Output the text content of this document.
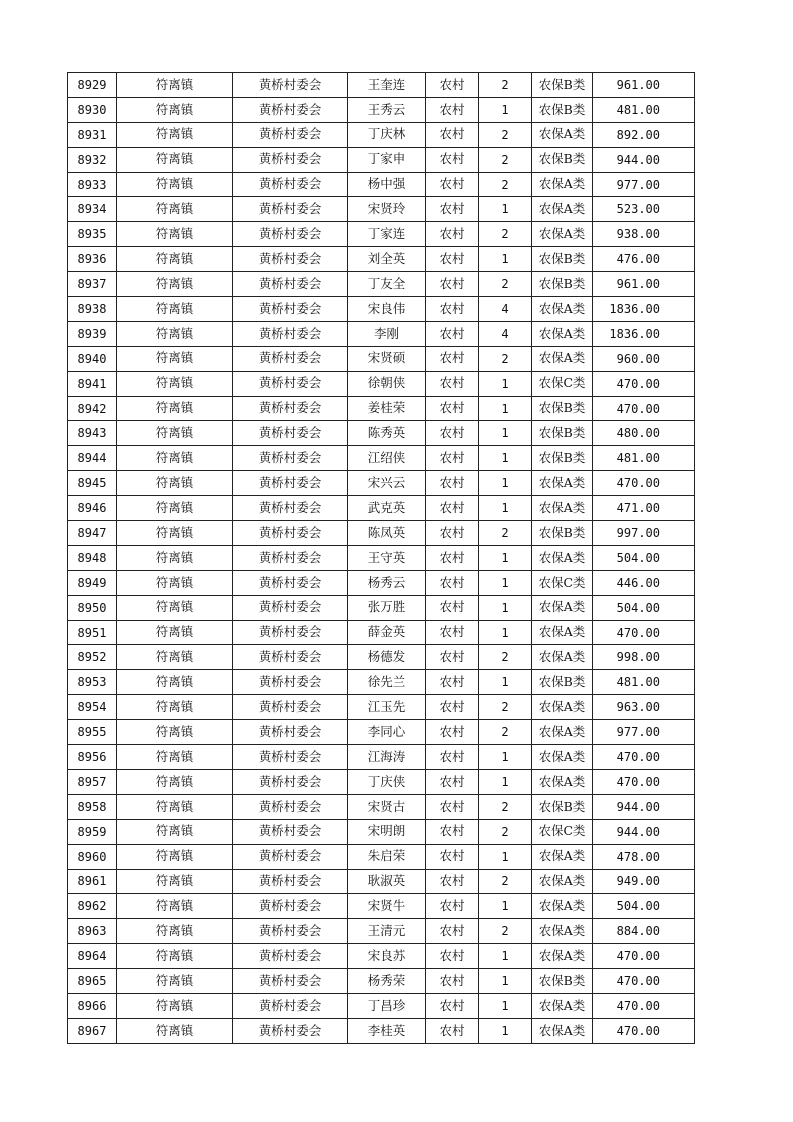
8929	符离镇	黄桥村委会	王奎连	农村	2	农保B类	961.00
8930	符离镇	黄桥村委会	王秀云	农村	1	农保B类	481.00
8931	符离镇	黄桥村委会	丁庆林	农村	2	农保A类	892.00
8932	符离镇	黄桥村委会	丁家申	农村	2	农保B类	944.00
8933	符离镇	黄桥村委会	杨中强	农村	2	农保A类	977.00
8934	符离镇	黄桥村委会	宋贤玲	农村	1	农保A类	523.00
8935	符离镇	黄桥村委会	丁家连	农村	2	农保A类	938.00
8936	符离镇	黄桥村委会	刘全英	农村	1	农保B类	476.00
8937	符离镇	黄桥村委会	丁友全	农村	2	农保B类	961.00
8938	符离镇	黄桥村委会	宋良伟	农村	4	农保A类	1836.00
8939	符离镇	黄桥村委会	李刚	农村	4	农保A类	1836.00
8940	符离镇	黄桥村委会	宋贤硕	农村	2	农保A类	960.00
8941	符离镇	黄桥村委会	徐朝侠	农村	1	农保C类	470.00
8942	符离镇	黄桥村委会	姜桂荣	农村	1	农保B类	470.00
8943	符离镇	黄桥村委会	陈秀英	农村	1	农保B类	480.00
8944	符离镇	黄桥村委会	江绍侠	农村	1	农保B类	481.00
8945	符离镇	黄桥村委会	宋兴云	农村	1	农保A类	470.00
8946	符离镇	黄桥村委会	武克英	农村	1	农保A类	471.00
8947	符离镇	黄桥村委会	陈凤英	农村	2	农保B类	997.00
8948	符离镇	黄桥村委会	王守英	农村	1	农保A类	504.00
8949	符离镇	黄桥村委会	杨秀云	农村	1	农保C类	446.00
8950	符离镇	黄桥村委会	张万胜	农村	1	农保A类	504.00
8951	符离镇	黄桥村委会	薛金英	农村	1	农保A类	470.00
8952	符离镇	黄桥村委会	杨德发	农村	2	农保A类	998.00
8953	符离镇	黄桥村委会	徐先兰	农村	1	农保B类	481.00
8954	符离镇	黄桥村委会	江玉先	农村	2	农保A类	963.00
8955	符离镇	黄桥村委会	李同心	农村	2	农保A类	977.00
8956	符离镇	黄桥村委会	江海涛	农村	1	农保A类	470.00
8957	符离镇	黄桥村委会	丁庆侠	农村	1	农保A类	470.00
8958	符离镇	黄桥村委会	宋贤古	农村	2	农保B类	944.00
8959	符离镇	黄桥村委会	宋明朗	农村	2	农保C类	944.00
8960	符离镇	黄桥村委会	朱启荣	农村	1	农保A类	478.00
8961	符离镇	黄桥村委会	耿淑英	农村	2	农保A类	949.00
8962	符离镇	黄桥村委会	宋贤牛	农村	1	农保A类	504.00
8963	符离镇	黄桥村委会	王清元	农村	2	农保A类	884.00
8964	符离镇	黄桥村委会	宋良苏	农村	1	农保A类	470.00
8965	符离镇	黄桥村委会	杨秀荣	农村	1	农保B类	470.00
8966	符离镇	黄桥村委会	丁昌珍	农村	1	农保A类	470.00
8967	符离镇	黄桥村委会	李桂英	农村	1	农保A类	470.00
